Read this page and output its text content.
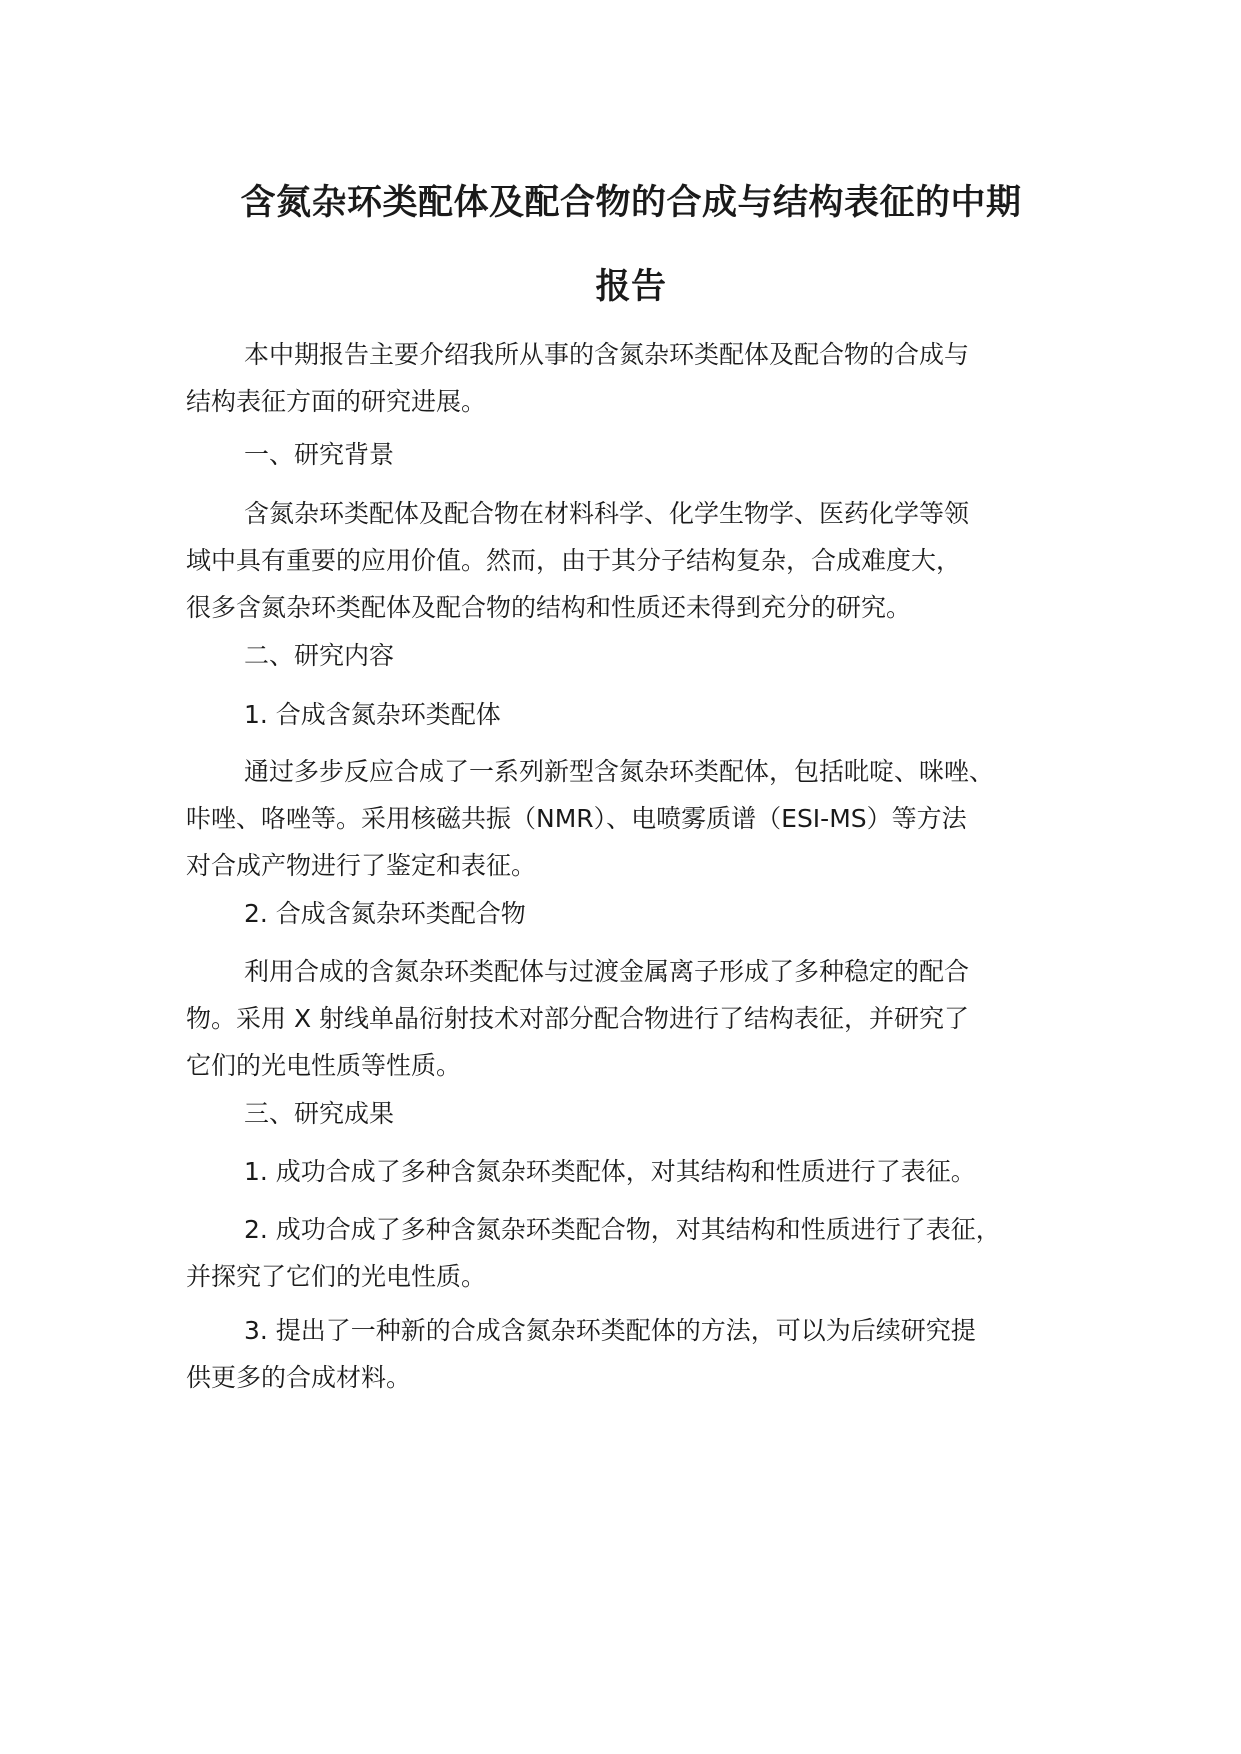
含氮杂环类配体及配合物的合成与结构表征的中期
报告
本中期报告主要介绍我所从事的含氮杂环类配体及配合物的合成与
结构表征方面的研究进展。
一、研究背景
含氮杂环类配体及配合物在材料科学、化学生物学、医药化学等领
域中具有重要的应用价值。然而，由于其分子结构复杂，合成难度大，
很多含氮杂环类配体及配合物的结构和性质还未得到充分的研究。
二、研究内容
1. 合成含氮杂环类配体
通过多步反应合成了一系列新型含氮杂环类配体，包括吡啶、咪唑、
咔唑、咯唑等。采用核磁共振（NMR）、电喷雾质谱（ESI-MS）等方法
对合成产物进行了鉴定和表征。
2. 合成含氮杂环类配合物
利用合成的含氮杂环类配体与过渡金属离子形成了多种稳定的配合
物。采用 X 射线单晶衍射技术对部分配合物进行了结构表征，并研究了
它们的光电性质等性质。
三、研究成果
1. 成功合成了多种含氮杂环类配体，对其结构和性质进行了表征。
2. 成功合成了多种含氮杂环类配合物，对其结构和性质进行了表征，
并探究了它们的光电性质。
3. 提出了一种新的合成含氮杂环类配体的方法，可以为后续研究提
供更多的合成材料。
